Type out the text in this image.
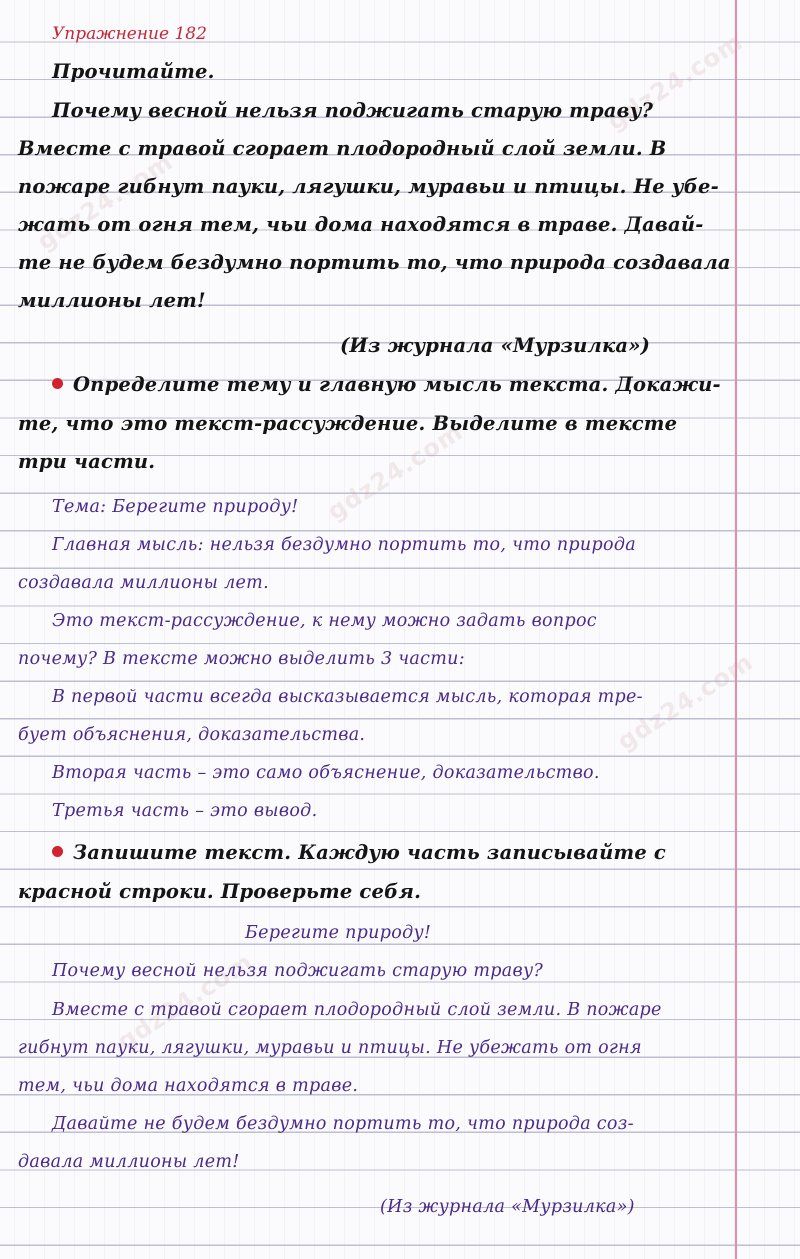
gdz24.com
gdz24.com
gdz24.com
gdz24.com
gdz24.com

Упражнение 182

Прочитайте.

Почему весной нельзя поджигать старую траву?

Вместе с травой сгорает плодородный слой земли. В

пожаре гибнут пауки, лягушки, муравьи и птицы. Не убе-

жать от огня тем, чьи дома находятся в траве. Давай-

те не будем бездумно портить то, что природа создавала

миллионы лет!

(Из журнала «Мурзилка»)

Определите тему и главную мысль текста. Докажи-

те, что это текст-рассуждение. Выделите в тексте

три части.

Тема: Берегите природу!

Главная мысль: нельзя бездумно портить то, что природа

создавала миллионы лет.

Это текст-рассуждение, к нему можно задать вопрос

почему? В тексте можно выделить 3 части:

В первой части всегда высказывается мысль, которая тре-

бует объяснения, доказательства.

Вторая часть – это само объяснение, доказательство.

Третья часть – это вывод.

Запишите текст. Каждую часть записывайте с

красной строки. Проверьте себя.

Берегите природу!

Почему весной нельзя поджигать старую траву?

Вместе с травой сгорает плодородный слой земли. В пожаре

гибнут пауки, лягушки, муравьи и птицы. Не убежать от огня

тем, чьи дома находятся в траве.

Давайте не будем бездумно портить то, что природа соз-

давала миллионы лет!

(Из журнала «Мурзилка»)
